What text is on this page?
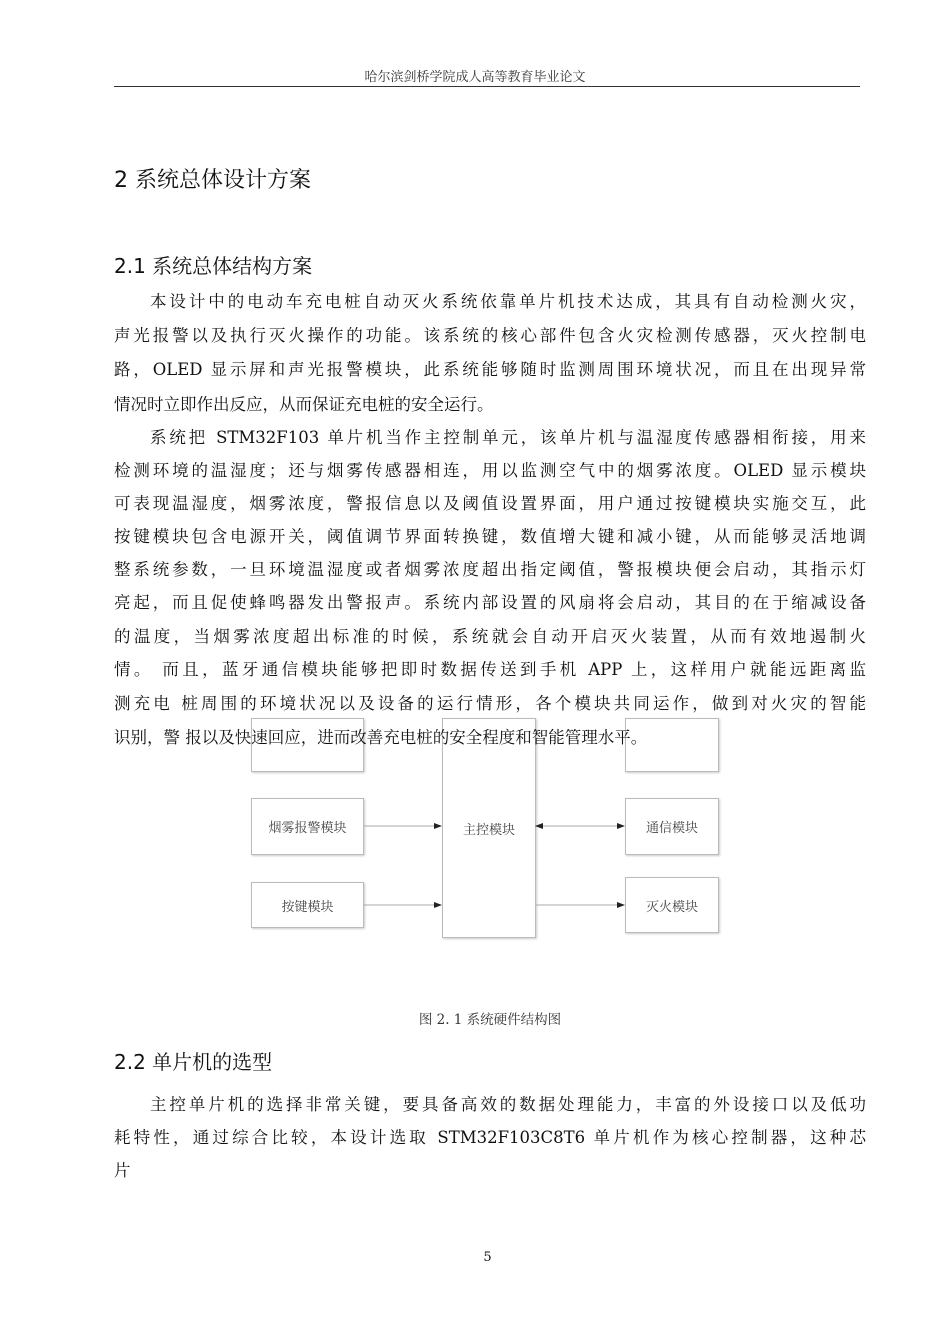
哈尔滨剑桥学院成人高等教育毕业论文
2 系统总体设计方案
2.1 系统总体结构方案
本设计中的电动车充电桩自动灭火系统依靠单片机技术达成，其具有自动检测火灾，
声光报警以及执行灭火操作的功能。该系统的核心部件包含火灾检测传感器，灭火控制电
路，OLED 显示屏和声光报警模块，此系统能够随时监测周围环境状况，而且在出现异常
情况时立即作出反应，从而保证充电桩的安全运行。
烟雾报警模块
按键模块
主控模块	通信模块
灭火模块
系统把 STM32F103 单片机当作主控制单元，该单片机与温湿度传感器相衔接，用来
检测环境的温湿度；还与烟雾传感器相连，用以监测空气中的烟雾浓度。OLED 显示模块
可表现温湿度，烟雾浓度，警报信息以及阈值设置界面，用户通过按键模块实施交互，此
按键模块包含电源开关，阈值调节界面转换键，数值增大键和减小键，从而能够灵活地调
整系统参数，一旦环境温湿度或者烟雾浓度超出指定阈值，警报模块便会启动，其指示灯
亮起，而且促使蜂鸣器发出警报声。系统内部设置的风扇将会启动，其目的在于缩减设备
的温度，当烟雾浓度超出标准的时候，系统就会自动开启灭火装置，从而有效地遏制火
情。 而且，蓝牙通信模块能够把即时数据传送到手机 APP 上，这样用户就能远距离监
测充电 桩周围的环境状况以及设备的运行情形，各个模块共同运作，做到对火灾的智能
识别，警 报以及快速回应，进而改善充电桩的安全程度和智能管理水平。
图 2. 1 系统硬件结构图
2.2 单片机的选型
主控单片机的选择非常关键，要具备高效的数据处理能力，丰富的外设接口以及低功
耗特性，通过综合比较，本设计选取 STM32F103C8T6 单片机作为核心控制器，这种芯
片
5
